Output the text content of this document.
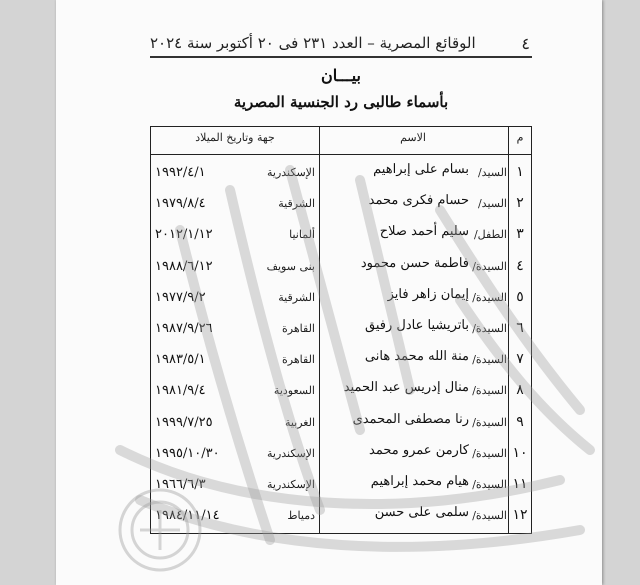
٤
الوقائع المصرية – العدد ٢٣١ فى ٢٠ أكتوبر سنة ٢٠٢٤
بيـــان
بأسماء طالبى رد الجنسية المصرية
م
الاسم
جهة وتاريخ الميلاد
١
السيد/
بسام على إبراهيم
الإسكندرية
١٩٩٢/٤/١
٢
السيد/
حسام فكرى محمد
الشرقية
١٩٧٩/٨/٤
٣
الطفل/
سليم أحمد صلاح
ألمانيا
٢٠١٢/١/١٢
٤
السيدة/
فاطمة حسن محمود
بنى سويف
١٩٨٨/٦/١٢
٥
السيدة/
إيمان زاهر فايز
الشرقية
١٩٧٧/٩/٢
٦
السيدة/
باتريشيا عادل رفيق
القاهرة
١٩٨٧/٩/٢٦
٧
السيدة/
منة الله محمد هانى
القاهرة
١٩٨٣/٥/١
٨
السيدة/
منال إدريس عبد الحميد
السعودية
١٩٨١/٩/٤
٩
السيدة/
رنا مصطفى المحمدى
الغربية
١٩٩٩/٧/٢٥
١٠
السيدة/
كارمن عمرو محمد
الإسكندرية
١٩٩٥/١٠/٣٠
١١
السيدة/
هيام محمد إبراهيم
الإسكندرية
١٩٦٦/٦/٣
١٢
السيدة/
سلمى على حسن
دمياط
١٩٨٤/١١/١٤
